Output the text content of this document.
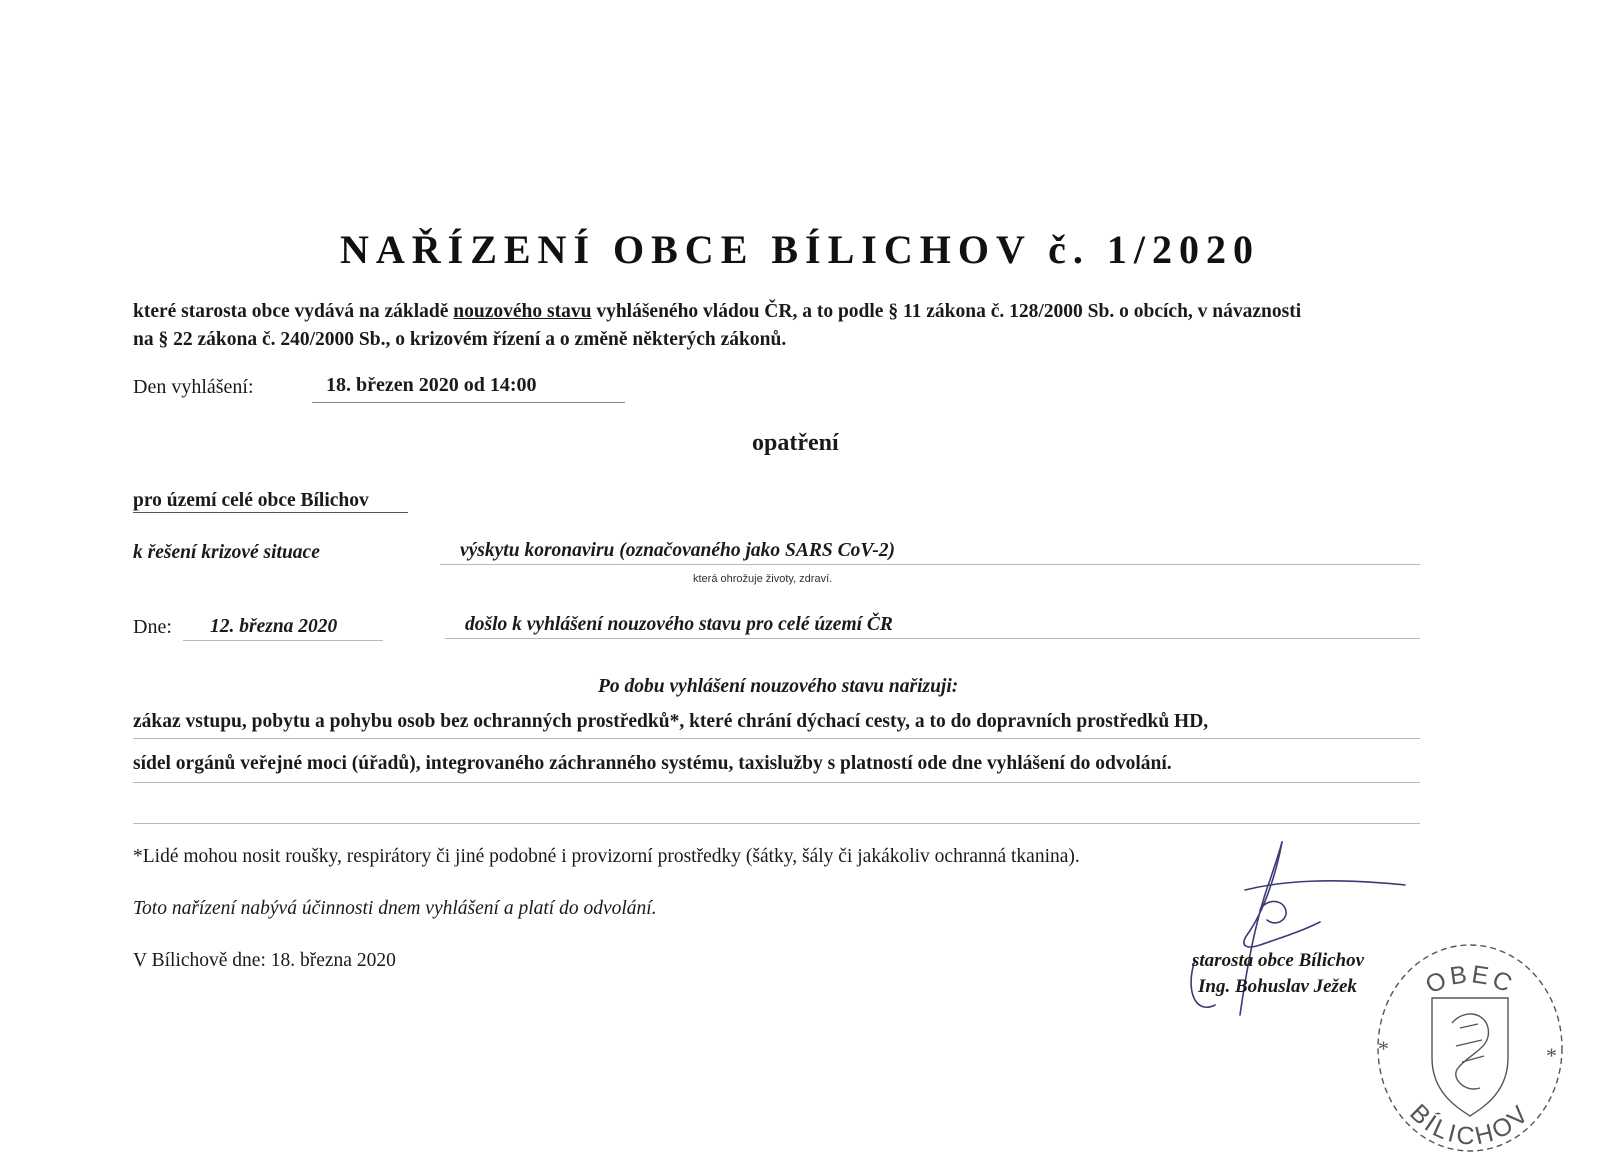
NAŘÍZENÍ OBCE BÍLICHOV č. 1/2020
které starosta obce vydává na základě nouzového stavu vyhlášeného vládou ČR, a to podle § 11 zákona č. 128/2000 Sb. o obcích, v návaznosti
na § 22 zákona č. 240/2000 Sb., o krizovém řízení a o změně některých zákonů.
Den vyhlášení:	18. březen 2020 od 14:00
opatření
pro území celé obce Bílichov
k řešení krizové situace	výskytu koronaviru (označovaného jako SARS CoV-2)
která ohrožuje životy, zdraví.
Dne: 12. března 2020	došlo k vyhlášení nouzového stavu pro celé území ČR
Po dobu vyhlášení nouzového stavu nařizuji:
zákaz vstupu, pobytu a pohybu osob bez ochranných prostředků*, které chrání dýchací cesty, a to do dopravních prostředků HD,
sídel orgánů veřejné moci (úřadů), integrovaného záchranného systému, taxislužby s platností ode dne vyhlášení do odvolání.
*Lidé mohou nosit roušky, respirátory či jiné podobné i provizorní prostředky (šátky, šály či jakákoliv ochranná tkanina).
Toto nařízení nabývá účinnosti dnem vyhlášení a platí do odvolání.
V Bílichově dne: 18. března 2020	starosta obce Bílichov
Ing. Bohuslav Ježek	OBEC
BÍLICHOV
*	*
